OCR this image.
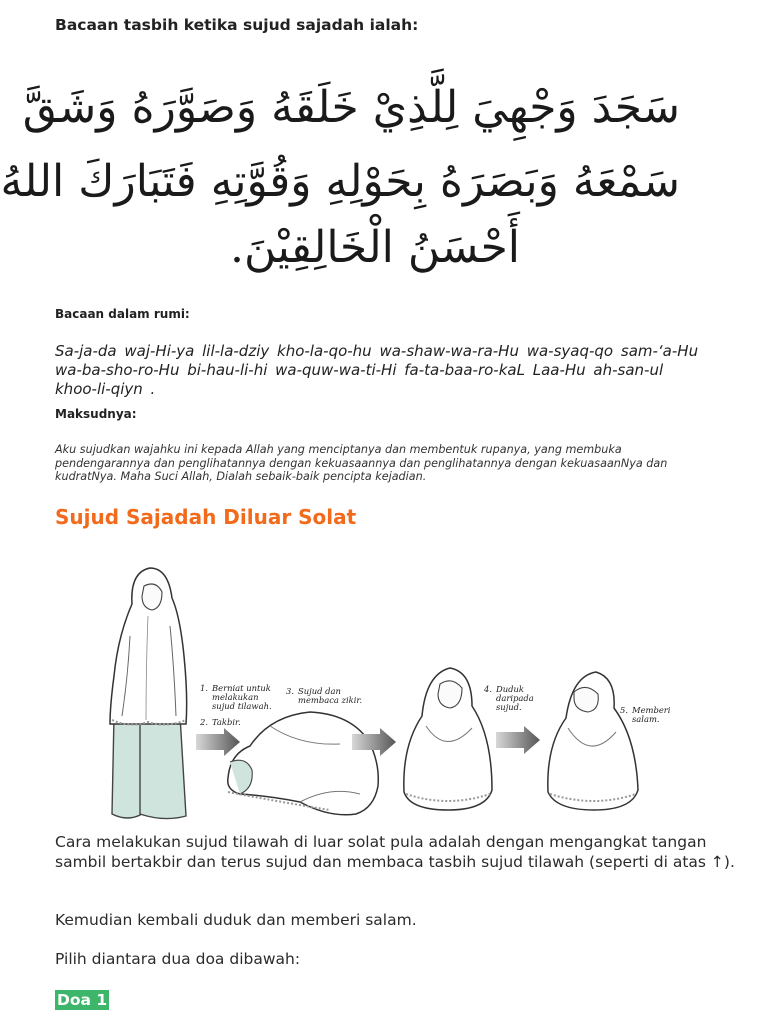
Bacaan tasbih ketika sujud sajadah ialah:
سَجَدَ وَجْهِيَ لِلَّذِيْ خَلَقَهُ وَصَوَّرَهُ وَشَقَّ
سَمْعَهُ وَبَصَرَهُ بِحَوْلِهِ وَقُوَّتِهِ فَتَبَارَكَ اللهُ
أَحْسَنُ الْخَالِقِيْنَ.
Bacaan dalam rumi:
Sa-ja-da waj-Hi-ya lil-la-dziy kho-la-qo-hu wa-shaw-wa-ra-Hu wa-syaq-qo sam-‘a-Hu wa-ba-sho-ro-Hu bi-hau-li-hi wa-quw-wa-ti-Hi fa-ta-baa-ro-kaL Laa-Hu ah-san-ul khoo-li-qiyn .
Maksudnya:
Aku sujudkan wajahku ini kepada Allah yang menciptanya dan membentuk rupanya, yang membuka pendengarannya dan penglihatannya dengan kekuasaannya dan penglihatannya dengan kekuasaanNya dan kudratNya. Maha Suci Allah, Dialah sebaik-baik pencipta kejadian.
Sujud Sajadah Diluar Solat
1. Berniat untuk
melakukan
sujud tilawah.
2. Takbir.
3. Sujud dan
membaca zikir.
4. Duduk
daripada
sujud.	5. Memberi
salam.
Cara melakukan sujud tilawah di luar solat pula adalah dengan mengangkat tangan sambil bertakbir dan terus sujud dan membaca tasbih sujud tilawah (seperti di atas ↑).
Kemudian kembali duduk dan memberi salam.
Pilih diantara dua doa dibawah:
Doa 1
